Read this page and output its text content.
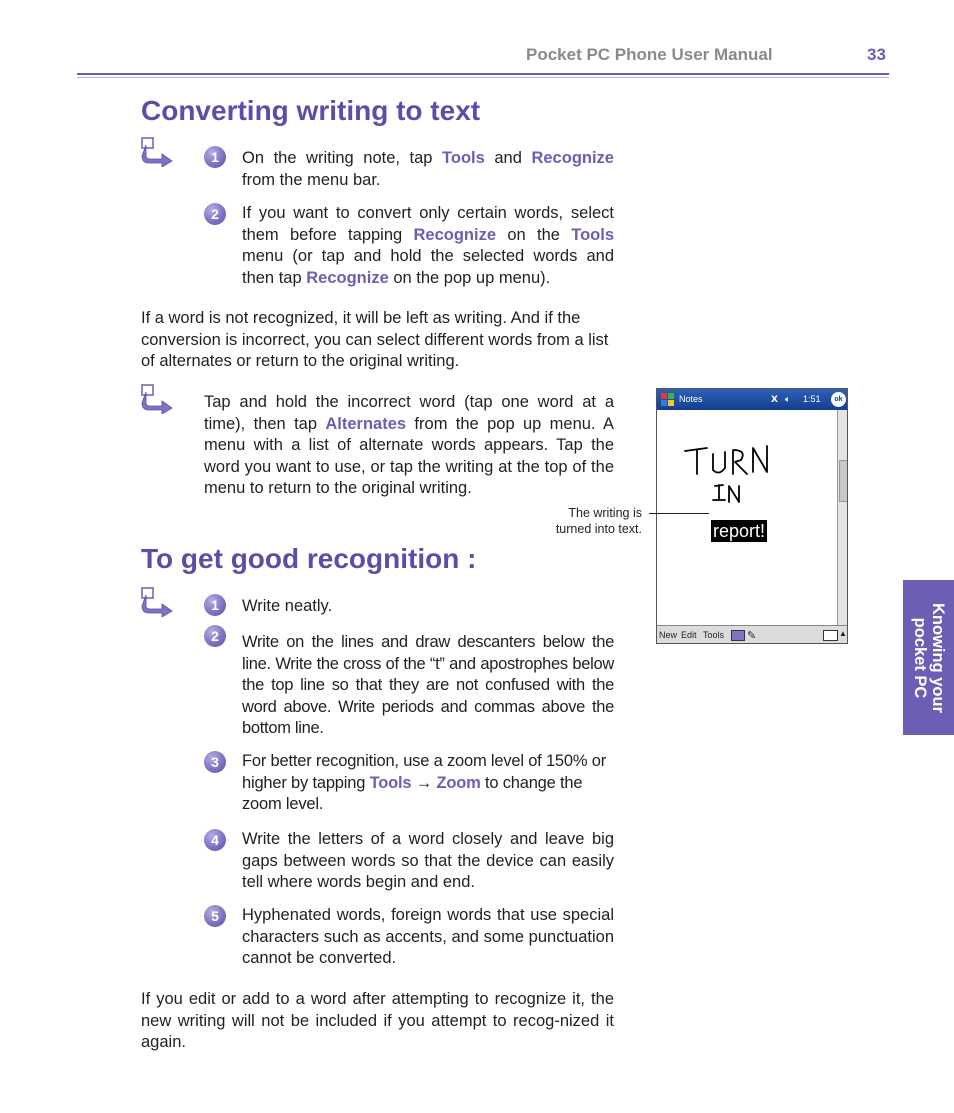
Pocket PC Phone User Manual	33
Converting writing to text
1	On the writing note, tap Tools and Recognize from the menu bar.
2	If you want to convert only certain words, select them before tapping Recognize on the Tools menu (or tap and hold the selected words and then tap Recognize on the pop up menu).
If a word is not recognized, it will be left as writing. And if the conversion is incorrect, you can select different words from a list of alternates or return to the original writing.
Tap and hold the incorrect word (tap one word at a time), then tap Alternates from the pop up menu. A menu with a list of alternate words appears. Tap the word you want to use, or tap the writing at the top of the menu to return to the original writing.
Notes	𝗫 🔈︎ 1:51	ok
report!
New Edit Tools ✎	▲
The writing is
turned into text.
To get good recognition :
1	Write neatly.
2	Write on the lines and draw descanters below the line. Write the cross of the “t” and apostrophes below the top line so that they are not confused with the word above. Write periods and commas above the bottom line.
3	For better recognition, use a zoom level of 150% or higher by tapping Tools → Zoom to change the zoom level.
4	Write the letters of a word closely and leave big gaps between words so that the device can easily tell where words begin and end.
5	Hyphenated words, foreign words that use special characters such as accents, and some punctuation cannot be converted.
If you edit or add to a word after attempting to recognize it, the new writing will not be included if you attempt to recog-nized it again.
Knowing your
pocket PC
